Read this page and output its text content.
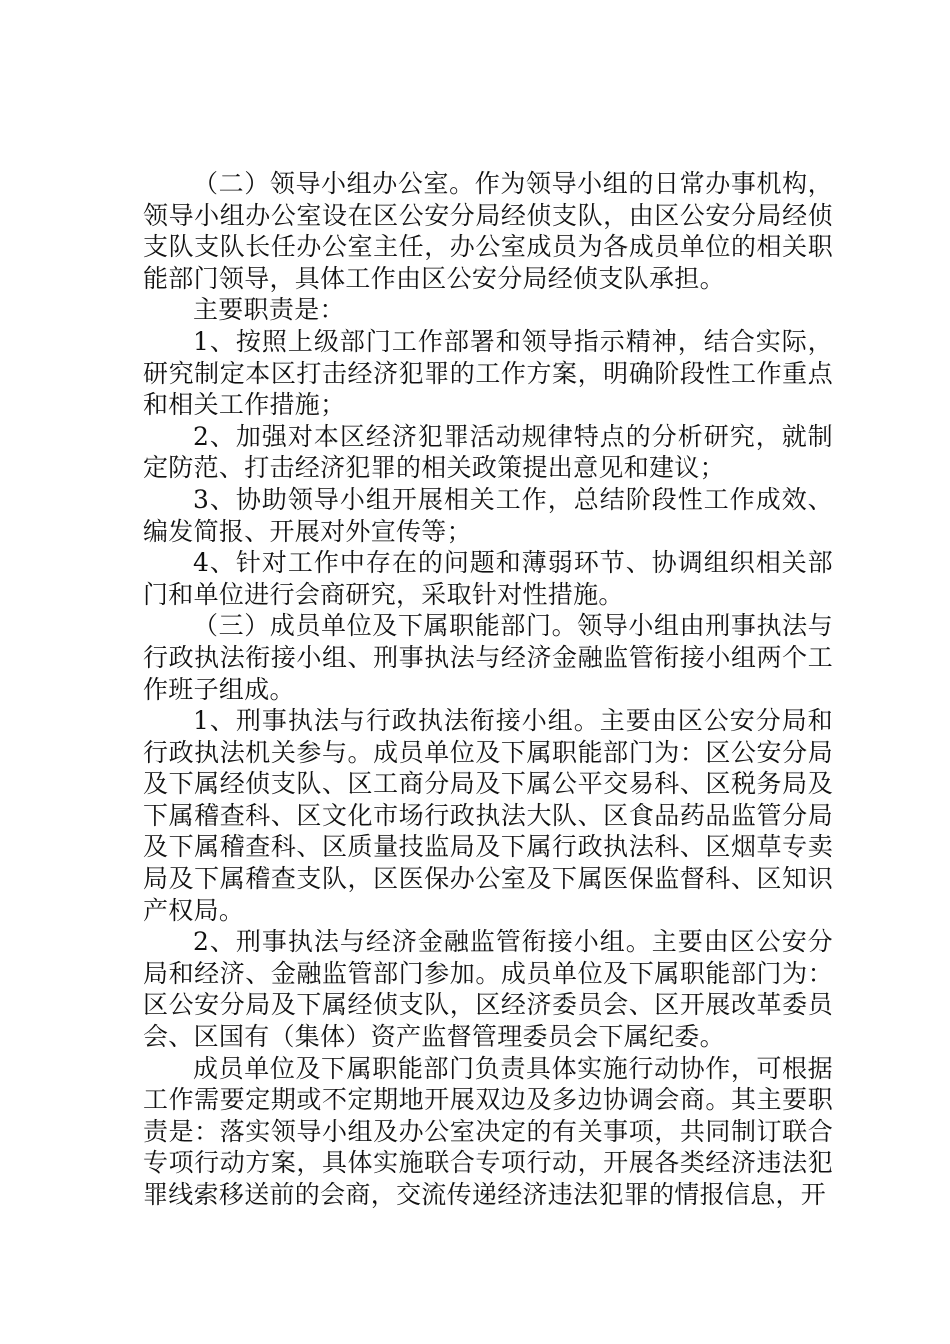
（二）领导小组办公室。作为领导小组的日常办事机构，领导小组办公室设在区公安分局经侦支队，由区公安分局经侦支队支队长任办公室主任，办公室成员为各成员单位的相关职能部门领导，具体工作由区公安分局经侦支队承担。

主要职责是：

1、按照上级部门工作部署和领导指示精神，结合实际，研究制定本区打击经济犯罪的工作方案，明确阶段性工作重点和相关工作措施；

2、加强对本区经济犯罪活动规律特点的分析研究，就制定防范、打击经济犯罪的相关政策提出意见和建议；

3、协助领导小组开展相关工作，总结阶段性工作成效、编发简报、开展对外宣传等；

4、针对工作中存在的问题和薄弱环节、协调组织相关部门和单位进行会商研究，采取针对性措施。

（三）成员单位及下属职能部门。领导小组由刑事执法与行政执法衔接小组、刑事执法与经济金融监管衔接小组两个工作班子组成。

1、刑事执法与行政执法衔接小组。主要由区公安分局和行政执法机关参与。成员单位及下属职能部门为：区公安分局及下属经侦支队、区工商分局及下属公平交易科、区税务局及下属稽查科、区文化市场行政执法大队、区食品药品监管分局及下属稽查科、区质量技监局及下属行政执法科、区烟草专卖局及下属稽查支队，区医保办公室及下属医保监督科、区知识产权局。

2、刑事执法与经济金融监管衔接小组。主要由区公安分局和经济、金融监管部门参加。成员单位及下属职能部门为：区公安分局及下属经侦支队，区经济委员会、区开展改革委员会、区国有（集体）资产监督管理委员会下属纪委。

成员单位及下属职能部门负责具体实施行动协作，可根据工作需要定期或不定期地开展双边及多边协调会商。其主要职责是：落实领导小组及办公室决定的有关事项，共同制订联合专项行动方案，具体实施联合专项行动，开展各类经济违法犯罪线索移送前的会商，交流传递经济违法犯罪的情报信息，开
